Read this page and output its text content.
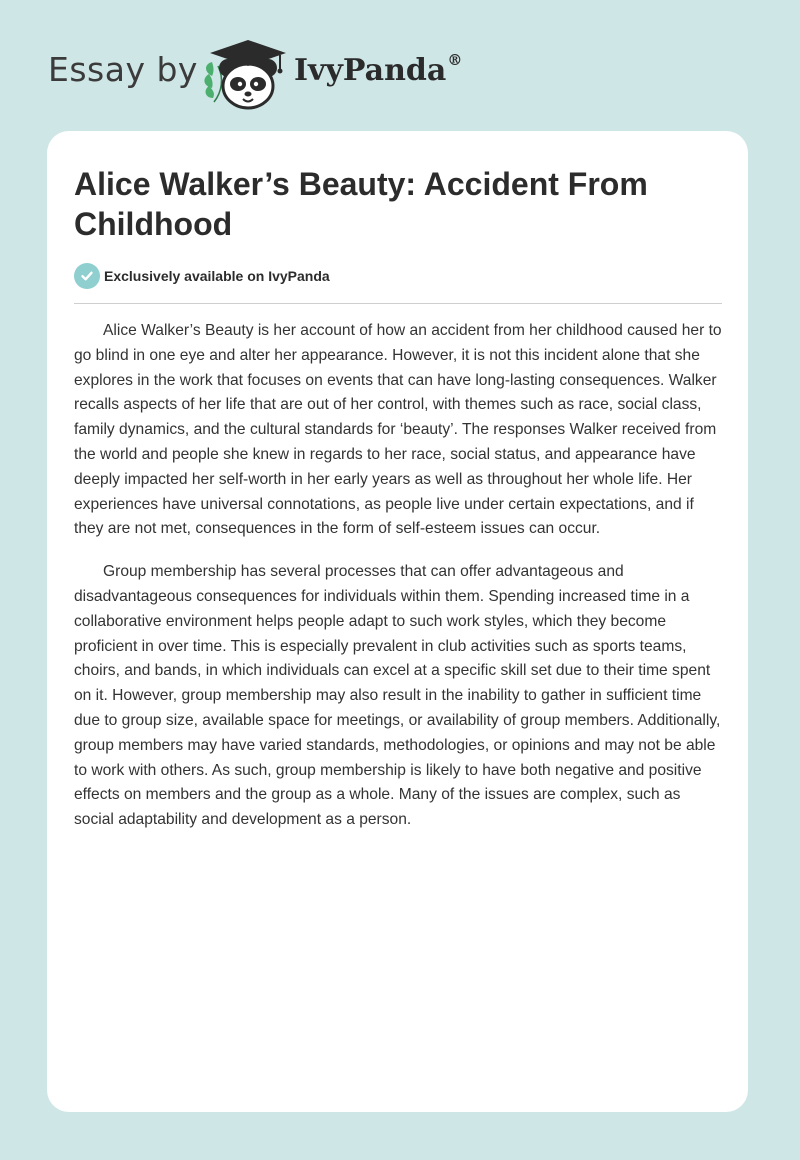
Essay by	IvyPanda®
Alice Walker’s Beauty: Accident From Childhood
Exclusively available on IvyPanda

Alice Walker’s Beauty is her account of how an accident from her childhood caused her to go blind in one eye and alter her appearance. However, it is not this incident alone that she explores in the work that focuses on events that can have long-lasting consequences. Walker recalls aspects of her life that are out of her control, with themes such as race, social class, family dynamics, and the cultural standards for ‘beauty’. The responses Walker received from the world and people she knew in regards to her race, social status, and appearance have deeply impacted her self-worth in her early years as well as throughout her whole life. Her experiences have universal connotations, as people live under certain expectations, and if they are not met, consequences in the form of self-esteem issues can occur.

Group membership has several processes that can offer advantageous and disadvantageous consequences for individuals within them. Spending increased time in a collaborative environment helps people adapt to such work styles, which they become proficient in over time. This is especially prevalent in club activities such as sports teams, choirs, and bands, in which individuals can excel at a specific skill set due to their time spent on it. However, group membership may also result in the inability to gather in sufficient time due to group size, available space for meetings, or availability of group members. Additionally, group members may have varied standards, methodologies, or opinions and may not be able to work with others. As such, group membership is likely to have both negative and positive effects on members and the group as a whole. Many of the issues are complex, such as social adaptability and development as a person.
